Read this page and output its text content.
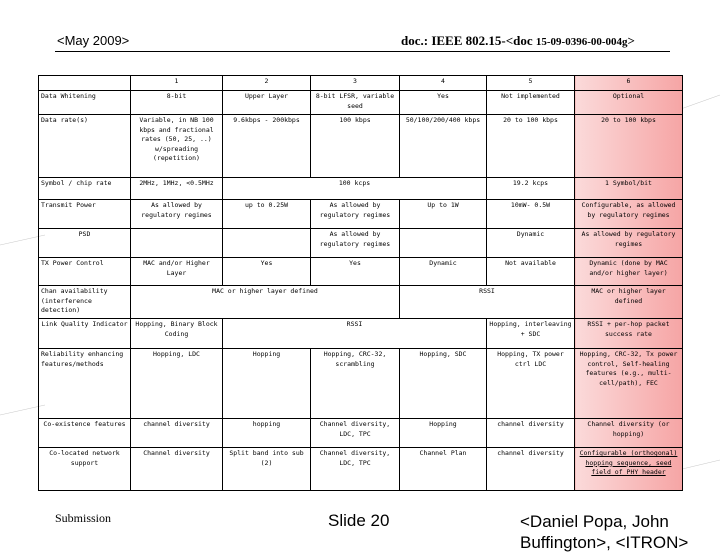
<May 2009>	doc.: IEEE 802.15-<doc 15-09-0396-00-004g>
	1	2	3	4	5	6
Data Whitening	8-bit	Upper Layer	8-bit LFSR, variable seed	Yes	Not implemented	Optional
Data rate(s)	Variable, in NB 100 kbps and fractional rates (50, 25, ..) w/spreading (repetition)	9.6kbps - 200kbps	100 kbps	50/100/200/400 kbps	20 to 100 kbps	20 to 100 kbps
Symbol / chip rate	2MHz, 1MHz, <0.5MHz	100 kcps			19.2 kcps	1 Symbol/bit
Transmit Power	As allowed by regulatory regimes	up to 0.25W	As allowed by regulatory regimes	Up to 1W	10mW- 0.5W	Configurable, as allowed by regulatory regimes
PSD			As allowed by regulatory regimes		Dynamic	As allowed by regulatory regimes
TX Power Control	MAC and/or Higher Layer	Yes	Yes	Dynamic	Not available	Dynamic (done by MAC and/or higher layer)
Chan availability (interference detection)	MAC or higher layer defined			RSSI		MAC or higher layer defined
Link Quality Indicator	Hopping, Binary Block Coding	RSSI			Hopping, interleaving + SDC	RSSI + per-hop packet success rate
Reliability enhancing features/methods	Hopping, LDC	Hopping	Hopping, CRC-32, scrambling	Hopping, SDC	Hopping, TX power ctrl LDC	Hopping, CRC-32, Tx power control, Self-healing features (e.g., multi-cell/path), FEC
Co-existence features	channel diversity	hopping	Channel diversity, LDC, TPC	Hopping	channel diversity	Channel diversity (or hopping)
Co-located network support	Channel diversity	Split band into sub (2)	Channel diversity, LDC, TPC	Channel Plan	channel diversity	Configurable (orthogonal) hopping sequence, seed field of PHY header
Submission	Slide 20	<Daniel Popa, John Buffington>, <ITRON>
